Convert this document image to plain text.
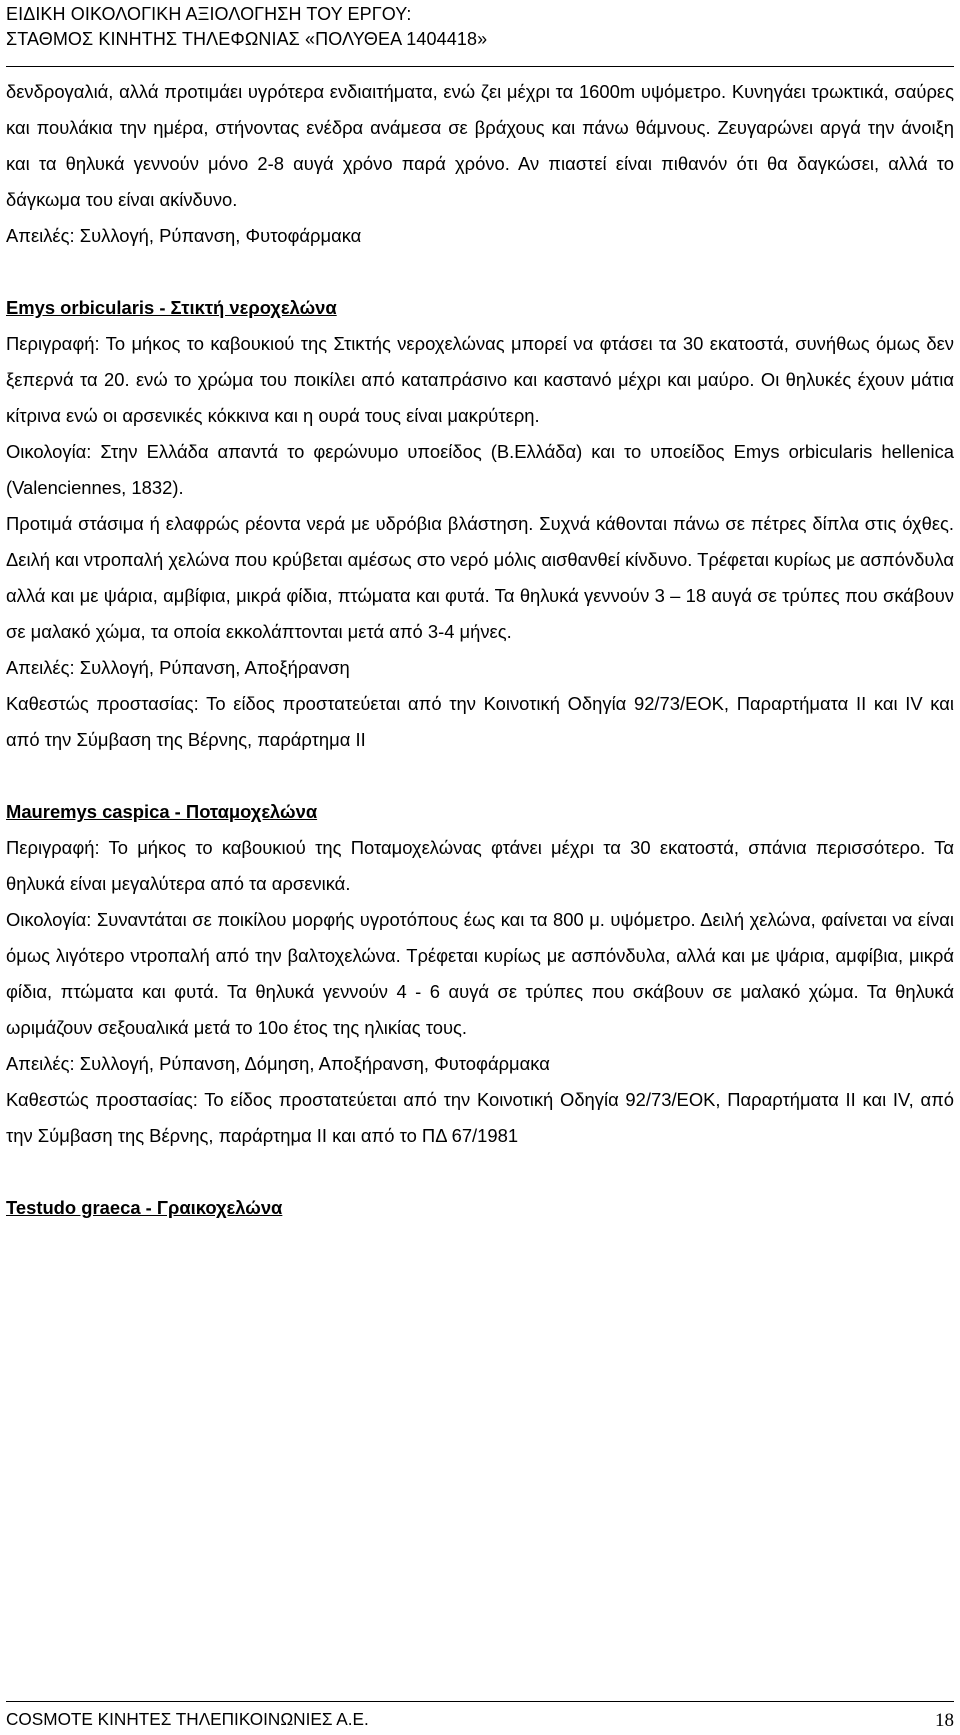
ΕΙΔΙΚΗ ΟΙΚΟΛΟΓΙΚΗ ΑΞΙΟΛΟΓΗΣΗ ΤΟΥ ΕΡΓΟΥ:
ΣΤΑΘΜΟΣ ΚΙΝΗΤΗΣ ΤΗΛΕΦΩΝΙΑΣ «ΠΟΛΥΘΕΑ 1404418»

δενδρογαλιά, αλλά προτιμάει υγρότερα ενδιαιτήματα, ενώ ζει μέχρι τα 1600m υψόμετρο. Κυνηγάει τρωκτικά, σαύρες και πουλάκια την ημέρα, στήνοντας ενέδρα ανάμεσα σε βράχους και πάνω θάμνους. Ζευγαρώνει αργά την άνοιξη και τα θηλυκά γεννούν μόνο 2-8 αυγά χρόνο παρά χρόνο. Αν πιαστεί είναι πιθανόν ότι θα δαγκώσει, αλλά το δάγκωμα του είναι ακίνδυνο.

Απειλές: Συλλογή, Ρύπανση, Φυτοφάρμακα

Emys orbicularis - Στικτή νεροχελώνα

Περιγραφή: Το μήκος το καβουκιού της Στικτής νεροχελώνας μπορεί να φτάσει τα 30 εκατοστά, συνήθως όμως δεν ξεπερνά τα 20. ενώ το χρώμα του ποικίλει από καταπράσινο και καστανό μέχρι και μαύρο. Οι θηλυκές έχουν μάτια κίτρινα ενώ οι αρσενικές κόκκινα και η ουρά τους είναι μακρύτερη.

Οικολογία: Στην Ελλάδα απαντά το φερώνυμο υποείδος (Β.Ελλάδα) και το υποείδος Emys orbicularis hellenica (Valenciennes, 1832).

Προτιμά στάσιμα ή ελαφρώς ρέοντα νερά με υδρόβια βλάστηση. Συχνά κάθονται πάνω σε πέτρες δίπλα στις όχθες. Δειλή και ντροπαλή χελώνα που κρύβεται αμέσως στο νερό μόλις αισθανθεί κίνδυνο. Τρέφεται κυρίως με ασπόνδυλα αλλά και με ψάρια, αμβίφια, μικρά φίδια, πτώματα και φυτά. Τα θηλυκά γεννούν 3 – 18 αυγά σε τρύπες που σκάβουν σε μαλακό χώμα, τα οποία εκκολάπτονται μετά από 3-4 μήνες.

Απειλές: Συλλογή, Ρύπανση, Αποξήρανση

Καθεστώς προστασίας: Το είδος προστατεύεται από την Κοινοτική Οδηγία 92/73/ΕΟΚ, Παραρτήματα ΙΙ και IV και από την Σύμβαση της Βέρνης, παράρτημα ΙΙ

Mauremys caspica - Ποταμοχελώνα

Περιγραφή: Το μήκος το καβουκιού της Ποταμοχελώνας φτάνει μέχρι τα 30 εκατοστά, σπάνια περισσότερο. Τα θηλυκά είναι μεγαλύτερα από τα αρσενικά.

Οικολογία: Συναντάται σε ποικίλου μορφής υγροτόπους έως και τα 800 μ. υψόμετρο. Δειλή χελώνα, φαίνεται να είναι όμως λιγότερο ντροπαλή από την βαλτοχελώνα. Τρέφεται κυρίως με ασπόνδυλα, αλλά και με ψάρια, αμφίβια, μικρά φίδια, πτώματα και φυτά. Τα θηλυκά γεννούν 4 - 6 αυγά σε τρύπες που σκάβουν σε μαλακό χώμα. Τα θηλυκά ωριμάζουν σεξουαλικά μετά το 10ο έτος της ηλικίας τους.

Απειλές: Συλλογή, Ρύπανση, Δόμηση, Αποξήρανση, Φυτοφάρμακα

Καθεστώς προστασίας: Το είδος προστατεύεται από την Κοινοτική Οδηγία 92/73/ΕΟΚ, Παραρτήματα ΙΙ και IV, από την Σύμβαση της Βέρνης, παράρτημα ΙΙ και από το ΠΔ 67/1981

Testudo graeca - Γραικοχελώνα
COSMOTE ΚΙΝΗΤΕΣ ΤΗΛΕΠΙΚΟΙΝΩΝΙΕΣ Α.Ε.	18
